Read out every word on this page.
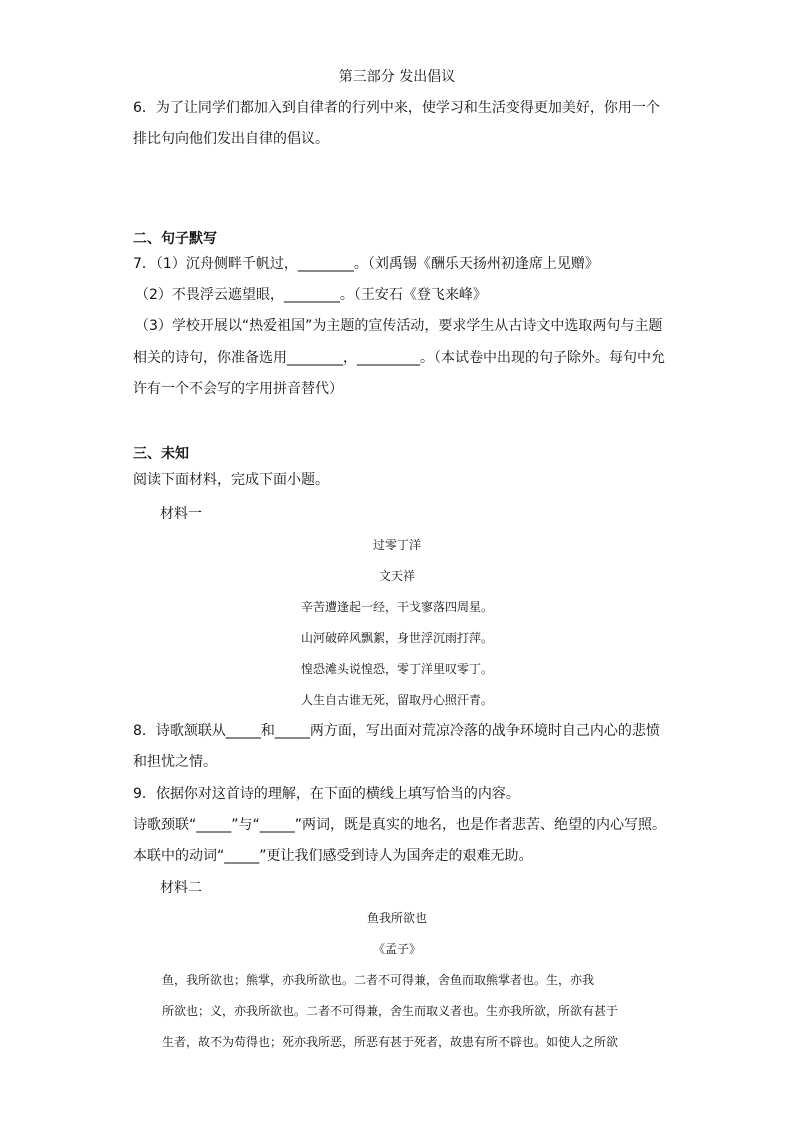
第三部分 发出倡议
6．为了让同学们都加入到自律者的行列中来，使学习和生活变得更加美好，你用一个
排比句向他们发出自律的倡议。
二、句子默写
7．（1）沉舟侧畔千帆过，________。（刘禹锡《酬乐天扬州初逢席上见赠》
（2）不畏浮云遮望眼，________。（王安石《登飞来峰》
（3）学校开展以“热爱祖国”为主题的宣传活动，要求学生从古诗文中选取两句与主题
相关的诗句，你准备选用________，_________。（本试卷中出现的句子除外。每句中允
许有一个不会写的字用拼音替代）
三、未知
阅读下面材料，完成下面小题。
材料一
过零丁洋
文天祥
辛苦遭逢起一经，干戈寥落四周星。
山河破碎风飘絮，身世浮沉雨打萍。
惶恐滩头说惶恐，零丁洋里叹零丁。
人生自古谁无死，留取丹心照汗青。
8．诗歌颔联从_____和_____两方面，写出面对荒凉冷落的战争环境时自己内心的悲愤
和担忧之情。
9．依据你对这首诗的理解，在下面的横线上填写恰当的内容。
诗歌颈联“_____”与“_____”两词，既是真实的地名，也是作者悲苦、绝望的内心写照。
本联中的动词“_____”更让我们感受到诗人为国奔走的艰难无助。
材料二
鱼我所欲也
《孟子》
鱼，我所欲也；熊掌，亦我所欲也。二者不可得兼，舍鱼而取熊掌者也。生，亦我
所欲也；义，亦我所欲也。二者不可得兼，舍生而取义者也。生亦我所欲，所欲有甚于
生者，故不为苟得也；死亦我所恶，所恶有甚于死者，故患有所不辟也。如使人之所欲
